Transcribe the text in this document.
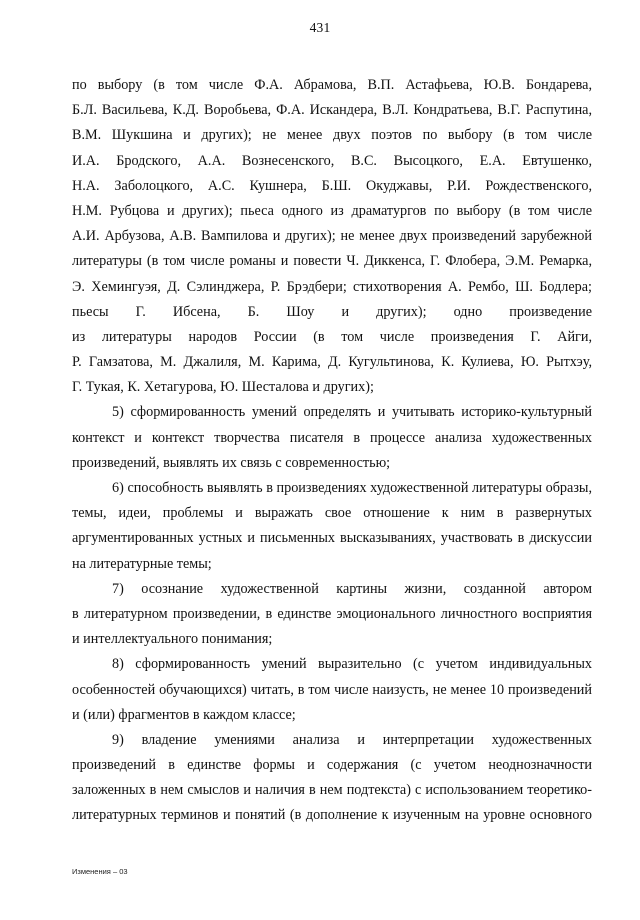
431
по выбору (в том числе Ф.А. Абрамова, В.П. Астафьева, Ю.В. Бондарева,
Б.Л. Васильева, К.Д. Воробьева, Ф.А. Искандера, В.Л. Кондратьева, В.Г. Распутина,
В.М. Шукшина и других); не менее двух поэтов по выбору (в том числе
И.А. Бродского, А.А. Вознесенского, В.С. Высоцкого, Е.А. Евтушенко,
Н.А. Заболоцкого, А.С. Кушнера, Б.Ш. Окуджавы, Р.И. Рождественского,
Н.М. Рубцова и других); пьеса одного из драматургов по выбору (в том числе
А.И. Арбузова, А.В. Вампилова и других); не менее двух произведений зарубежной
литературы (в том числе романы и повести Ч. Диккенса, Г. Флобера, Э.М. Ремарка,
Э. Хемингуэя, Д. Сэлинджера, Р. Брэдбери; стихотворения А. Рембо, Ш. Бодлера;
пьесы Г. Ибсена, Б. Шоу и других); одно произведение
из литературы народов России (в том числе произведения Г. Айги,
Р. Гамзатова, М. Джалиля, М. Карима, Д. Кугультинова, К. Кулиева, Ю. Рытхэу,
Г. Тукая, К. Хетагурова, Ю. Шесталова и других);
5) сформированность умений определять и учитывать историко-культурный
контекст и контекст творчества писателя в процессе анализа художественных
произведений, выявлять их связь с современностью;
6) способность выявлять в произведениях художественной литературы образы,
темы, идеи, проблемы и выражать свое отношение к ним в развернутых
аргументированных устных и письменных высказываниях, участвовать в дискуссии
на литературные темы;
7) осознание художественной картины жизни, созданной автором
в литературном произведении, в единстве эмоционального личностного восприятия
и интеллектуального понимания;
8) сформированность умений выразительно (с учетом индивидуальных
особенностей обучающихся) читать, в том числе наизусть, не менее 10 произведений
и (или) фрагментов в каждом классе;
9) владение умениями анализа и интерпретации художественных
произведений в единстве формы и содержания (с учетом неоднозначности
заложенных в нем смыслов и наличия в нем подтекста) с использованием теоретико-
литературных терминов и понятий (в дополнение к изученным на уровне основного
Изменения – 03
